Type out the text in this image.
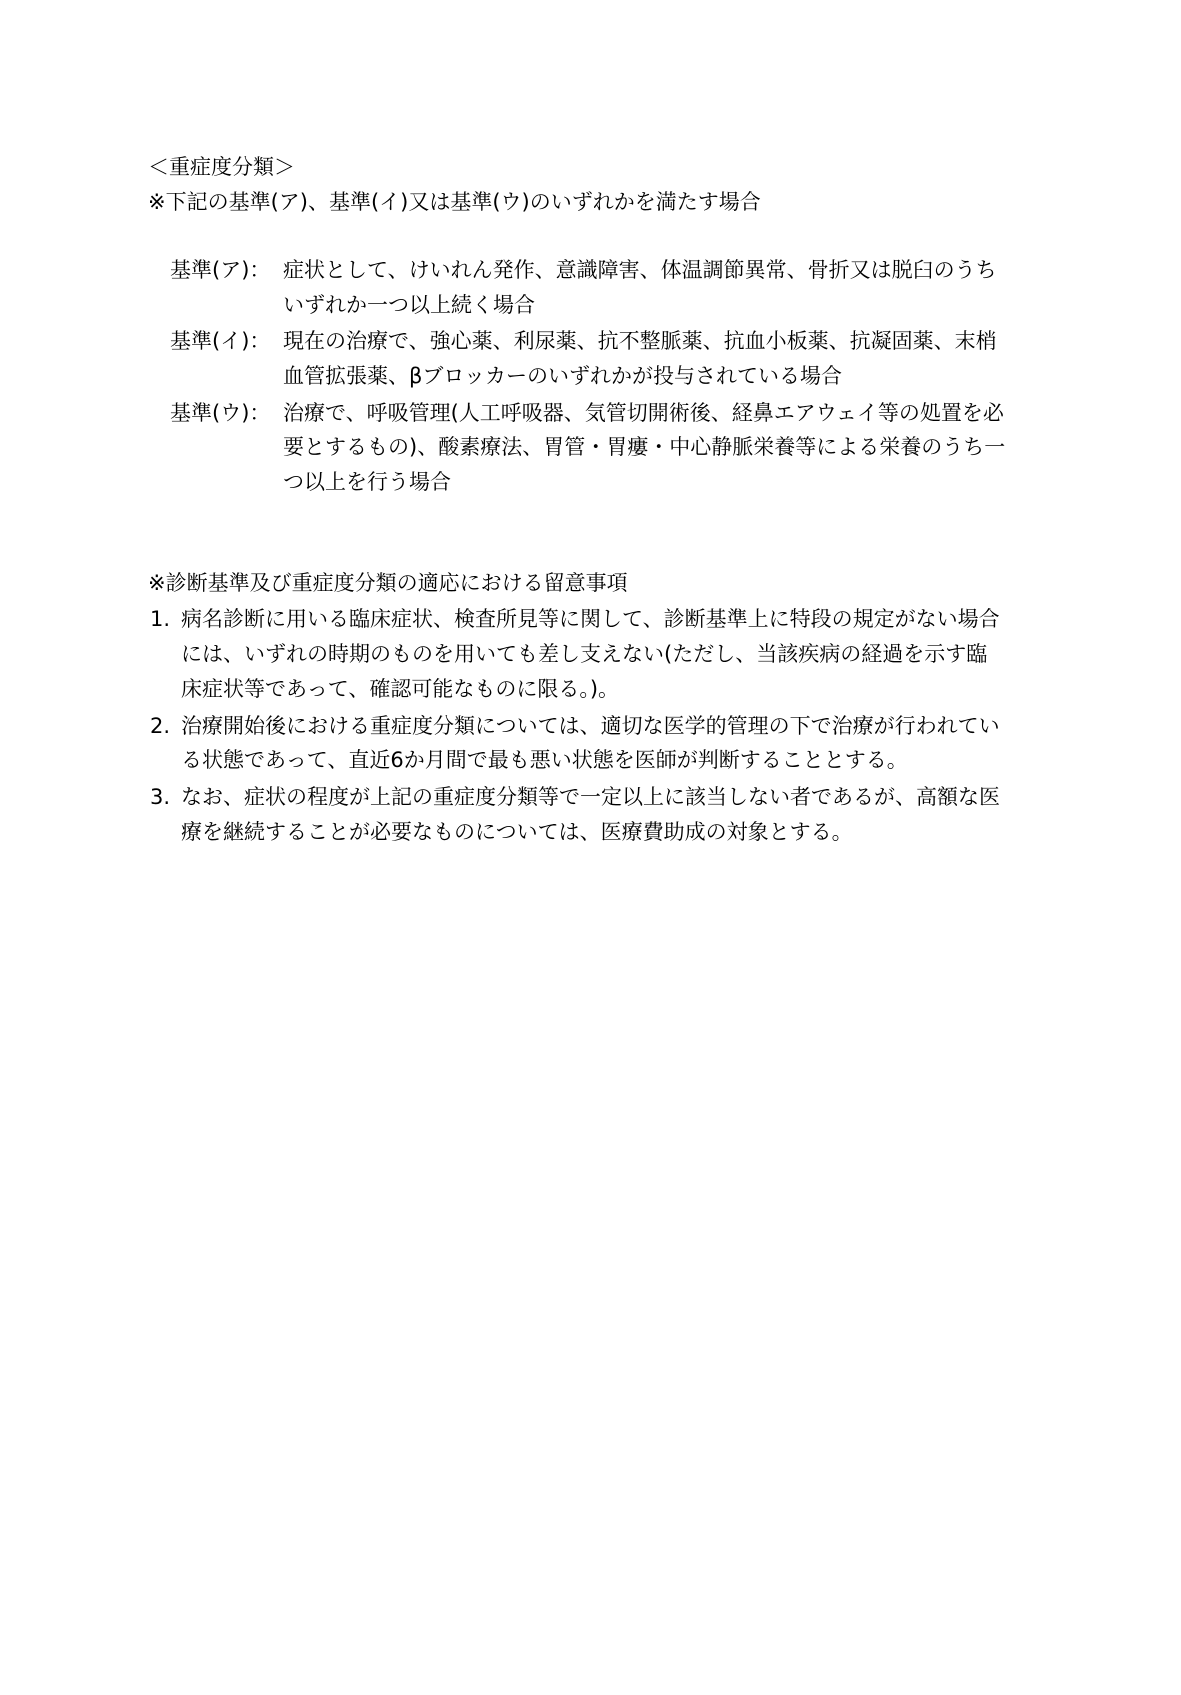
＜重症度分類＞
※下記の基準(ア)、基準(イ)又は基準(ウ)のいずれかを満たす場合
基準(ア)： 症状として、けいれん発作、意識障害、体温調節異常、骨折又は脱臼のうち
いずれか一つ以上続く場合
基準(イ)： 現在の治療で、強心薬、利尿薬、抗不整脈薬、抗血小板薬、抗凝固薬、末梢
血管拡張薬、βブロッカーのいずれかが投与されている場合
基準(ウ)： 治療で、呼吸管理(人工呼吸器、気管切開術後、経鼻エアウェイ等の処置を必
要とするもの)、酸素療法、胃管・胃瘻・中心静脈栄養等による栄養のうち一
つ以上を行う場合
※診断基準及び重症度分類の適応における留意事項
1. 病名診断に用いる臨床症状、検査所見等に関して、診断基準上に特段の規定がない場合
には、いずれの時期のものを用いても差し支えない(ただし、当該疾病の経過を示す臨
床症状等であって、確認可能なものに限る。)。
2. 治療開始後における重症度分類については、適切な医学的管理の下で治療が行われてい
る状態であって、直近6か月間で最も悪い状態を医師が判断することとする。
3. なお、症状の程度が上記の重症度分類等で一定以上に該当しない者であるが、高額な医
療を継続することが必要なものについては、医療費助成の対象とする。
